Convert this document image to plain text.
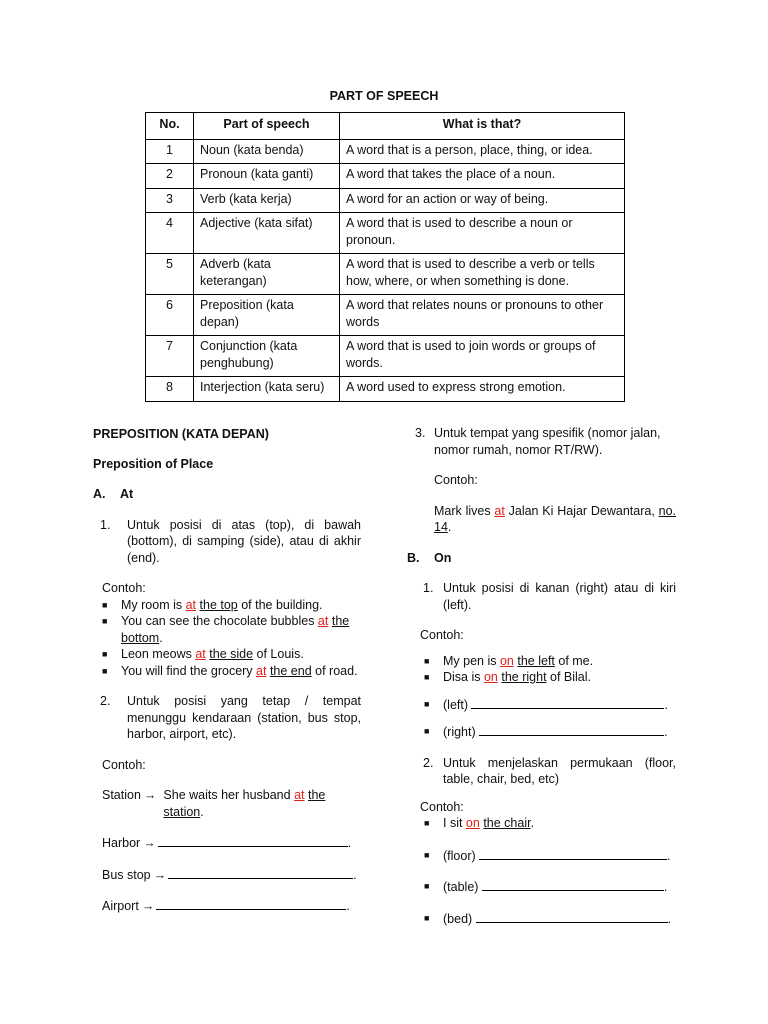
PART OF SPEECH
No.	Part of speech	What is that?
1	Noun (kata benda)	A word that is a person, place, thing, or idea.
2	Pronoun (kata ganti)	A word that takes the place of a noun.
3	Verb (kata kerja)	A word for an action or way of being.
4	Adjective (kata sifat)	A word that is used to describe a noun or pronoun.
5	Adverb (kata keterangan)	A word that is used to describe a verb or tells how, where, or when something is done.
6	Preposition (kata depan)	A word that relates nouns or pronouns to other words
7	Conjunction (kata penghubung)	A word that is used to join words or groups of words.
8	Interjection (kata seru)	A word used to express strong emotion.
PREPOSITION (KATA DEPAN)
Preposition of Place
A.	At
1.	Untuk posisi di atas (top), di bawah (bottom), di samping (side), atau di akhir (end).
Contoh:
■	My room is at the top of the building.
■	You can see the chocolate bubbles at the bottom.
■	Leon meows at the side of Louis.
■	You will find the grocery at the end of road.
2.	Untuk posisi yang tetap / tempat menunggu kendaraan (station, bus stop, harbor, airport, etc).
Contoh:
Station → She waits her husband at the
station.
Harbor →	.
Bus stop →	.
Airport →	.
3. Untuk tempat yang spesifik (nomor jalan, nomor rumah, nomor RT/RW).
Contoh:
Mark lives at Jalan Ki Hajar Dewantara, no. 14.
B.	On
1. Untuk posisi di kanan (right) atau di kiri (left).
Contoh:
■	My pen is on the left of me.
■	Disa is on the right of Bilal.
■	(left)	.
■	(right)	.
2. Untuk menjelaskan permukaan (floor, table, chair, bed, etc)
Contoh:
■	I sit on the chair.
■	(floor)	.
■	(table)	.
■	(bed)	.
